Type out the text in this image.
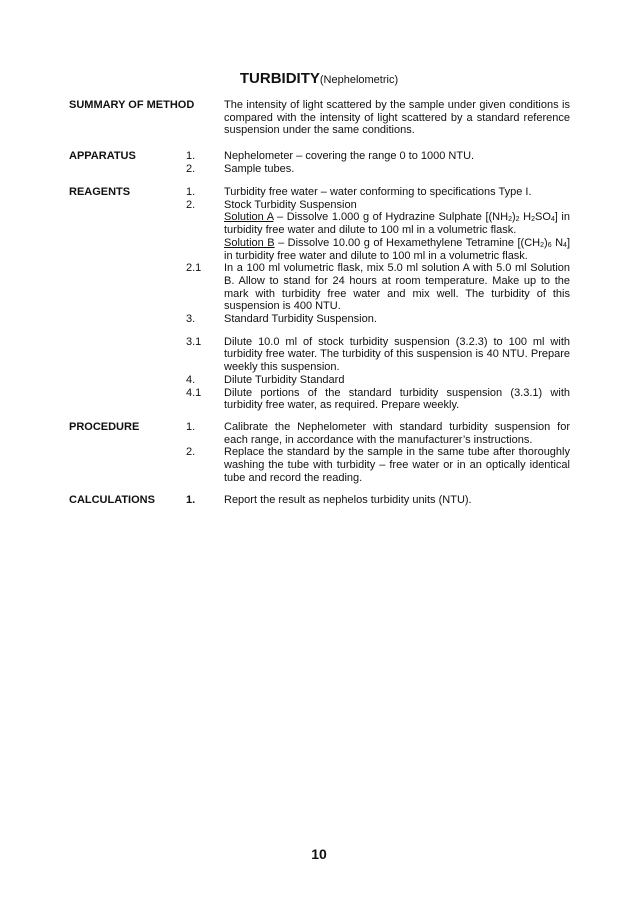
TURBIDITY(Nephelometric)
SUMMARY OF METHOD	The intensity of light scattered by the sample under given conditions is compared with the intensity of light scattered by a standard reference suspension under the same conditions.
APPARATUS	1.	Nephelometer – covering the range 0 to 1000 NTU.
2.	Sample tubes.
REAGENTS	1.	Turbidity free water – water conforming to specifications Type I.
2.	Stock Turbidity Suspension
Solution A – Dissolve 1.000 g of Hydrazine Sulphate [$(NH_2)_2$ $H_2SO_4$] in turbidity free water and dilute to 100 ml in a volumetric flask.
Solution B – Dissolve 10.00 g of Hexamethylene Tetramine [$(CH_2)_6$ $N_4$] in turbidity free water and dilute to 100 ml in a volumetric flask.
2.1 In a 100 ml volumetric flask, mix 5.0 ml solution A with 5.0 ml Solution B. Allow to stand for 24 hours at room temperature. Make up to the mark with turbidity free water and mix well. The turbidity of this suspension is 400 NTU.
3.	Standard Turbidity Suspension.
3.1 Dilute 10.0 ml of stock turbidity suspension (3.2.3) to 100 ml with turbidity free water. The turbidity of this suspension is 40 NTU. Prepare weekly this suspension.
4.	Dilute Turbidity Standard
4.1 Dilute portions of the standard turbidity suspension (3.3.1) with turbidity free water, as required. Prepare weekly.
PROCEDURE	1.	Calibrate the Nephelometer with standard turbidity suspension for each range, in accordance with the manufacturer’s instructions.
2.	Replace the standard by the sample in the same tube after thoroughly washing the tube with turbidity – free water or in an optically identical tube and record the reading.
CALCULATIONS	1.	Report the result as nephelos turbidity units (NTU).
10
